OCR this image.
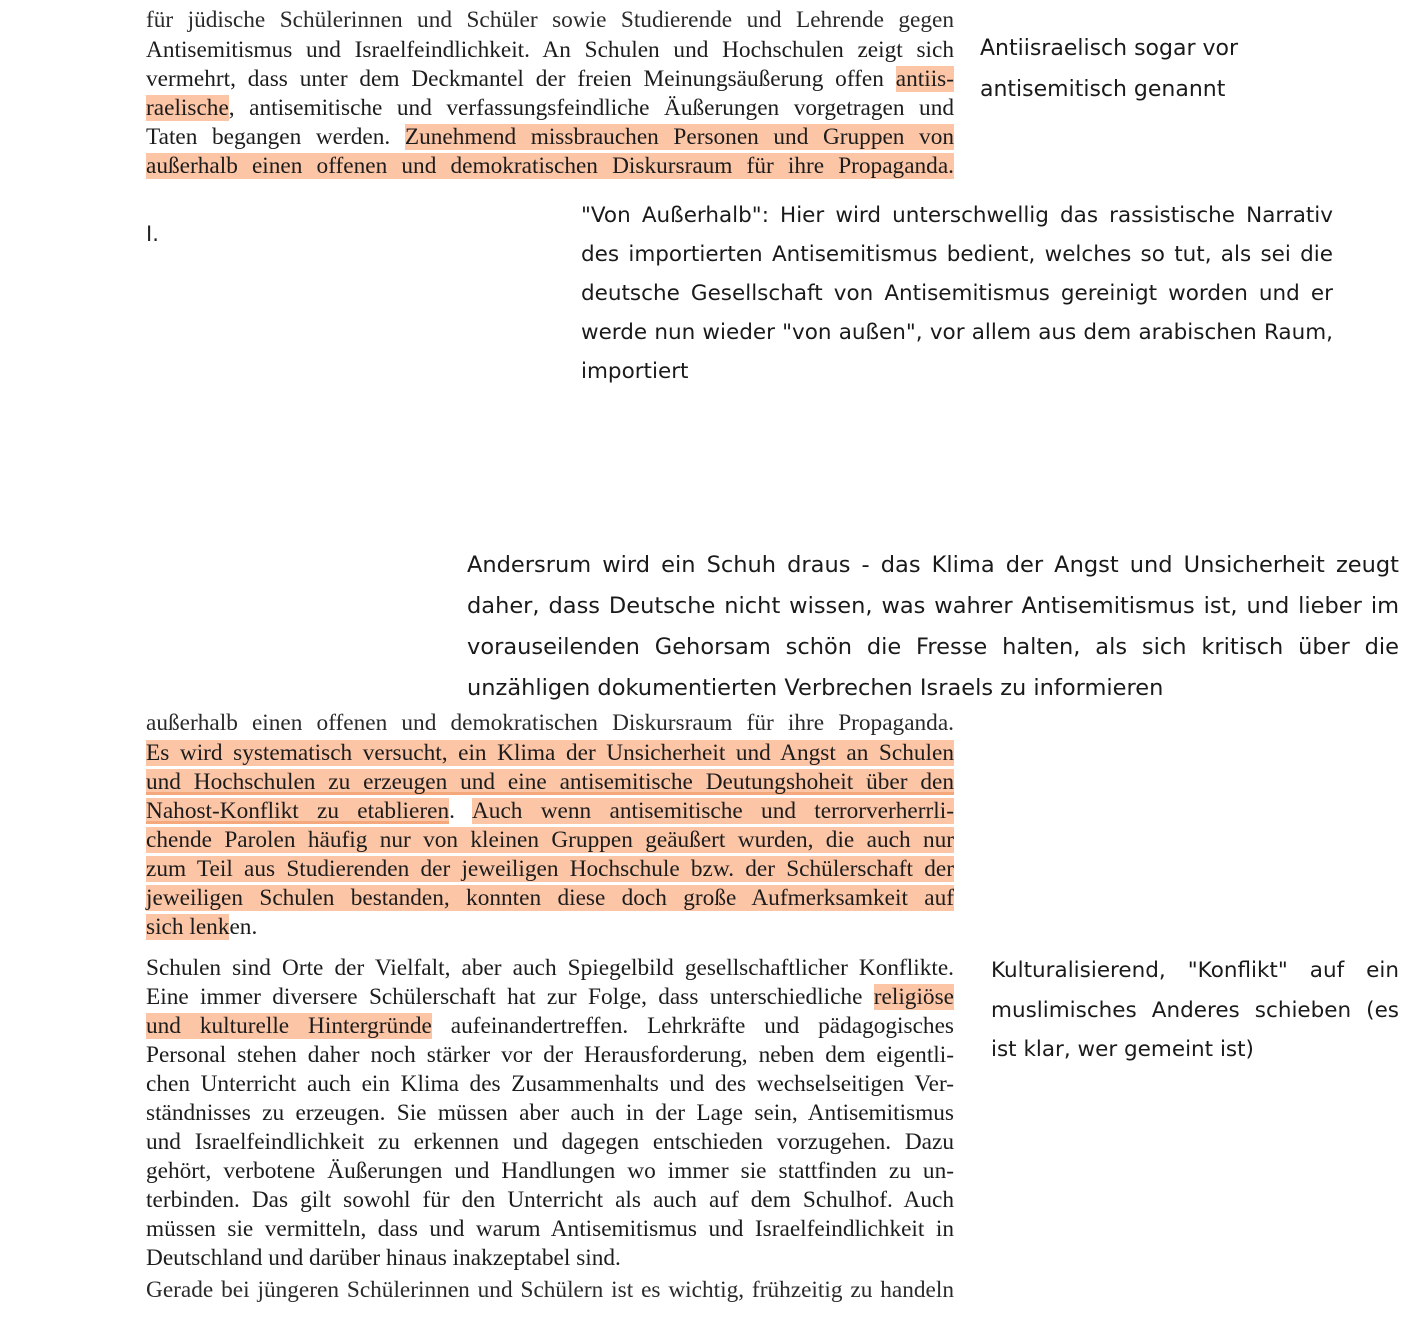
für jüdische Schülerinnen und Schüler sowie Studierende und Lehrende gegen
Antisemitismus und Israelfeindlichkeit. An Schulen und Hochschulen zeigt sich
vermehrt, dass unter dem Deckmantel der freien Meinungsäußerung offen antiis-
raelische, antisemitische und verfassungsfeindliche Äußerungen vorgetragen und
Taten begangen werden. Zunehmend missbrauchen Personen und Gruppen von
außerhalb einen offenen und demokratischen Diskursraum für ihre Propaganda.
I.
Antiisraelisch sogar vor antisemitisch genannt
"Von Außerhalb": Hier wird unterschwellig das rassistische Narrativ des importierten Antisemitismus bedient, welches so tut, als sei die deutsche Gesellschaft von Antisemitismus gereinigt worden und er werde nun wieder "von außen", vor allem aus dem arabischen Raum, importiert
Andersrum wird ein Schuh draus - das Klima der Angst und Unsicherheit zeugt daher, dass Deutsche nicht wissen, was wahrer Antisemitismus ist, und lieber im vorauseilenden Gehorsam schön die Fresse halten, als sich kritisch über die unzähligen dokumentierten Verbrechen Israels zu informieren
außerhalb einen offenen und demokratischen Diskursraum für ihre Propaganda.
Es wird systematisch versucht, ein Klima der Unsicherheit und Angst an Schulen
und Hochschulen zu erzeugen und eine antisemitische Deutungshoheit über den
Nahost-Konflikt zu etablieren. Auch wenn antisemitische und terrorverherrli-
chende Parolen häufig nur von kleinen Gruppen geäußert wurden, die auch nur
zum Teil aus Studierenden der jeweiligen Hochschule bzw. der Schülerschaft der
jeweiligen Schulen bestanden, konnten diese doch große Aufmerksamkeit auf
sich lenken.
Schulen sind Orte der Vielfalt, aber auch Spiegelbild gesellschaftlicher Konflikte.
Eine immer diversere Schülerschaft hat zur Folge, dass unterschiedliche religiöse
und kulturelle Hintergründe aufeinandertreffen. Lehrkräfte und pädagogisches
Personal stehen daher noch stärker vor der Herausforderung, neben dem eigentli-
chen Unterricht auch ein Klima des Zusammenhalts und des wechselseitigen Ver-
ständnisses zu erzeugen. Sie müssen aber auch in der Lage sein, Antisemitismus
und Israelfeindlichkeit zu erkennen und dagegen entschieden vorzugehen. Dazu
gehört, verbotene Äußerungen und Handlungen wo immer sie stattfinden zu un-
terbinden. Das gilt sowohl für den Unterricht als auch auf dem Schulhof. Auch
müssen sie vermitteln, dass und warum Antisemitismus und Israelfeindlichkeit in
Deutschland und darüber hinaus inakzeptabel sind.
Kulturalisierend, "Konflikt" auf ein muslimisches Anderes schieben (es ist klar, wer gemeint ist)
Gerade bei jüngeren Schülerinnen und Schülern ist es wichtig, frühzeitig zu handeln
